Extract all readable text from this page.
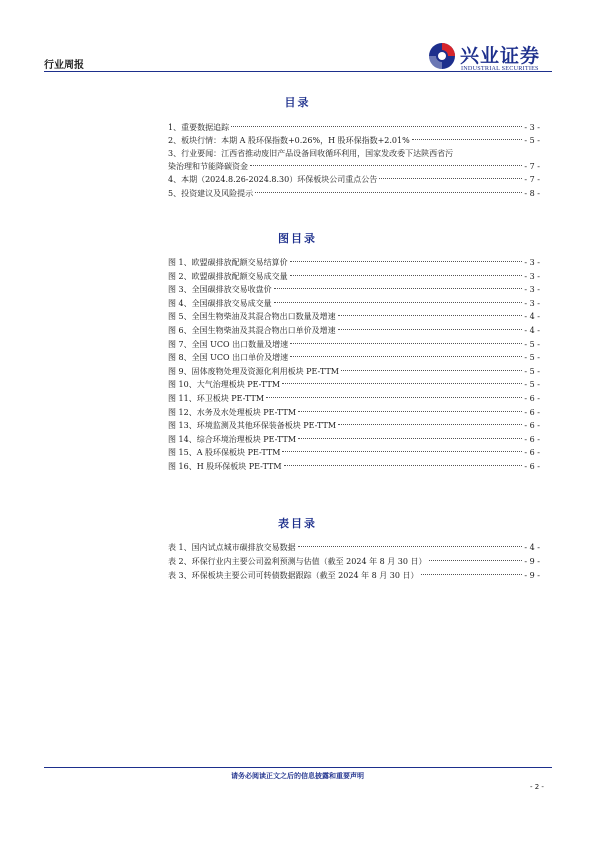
行业周报	兴业证券
INDUSTRIAL SECURITIES
目录
1、重要数据追踪	- 3 -
2、板块行情：本期 A 股环保指数+0.26%，H 股环保指数+2.01%	- 5 -
3、行业要闻：江西省推动废旧产品设备回收循环利用，国家发改委下达陕西省污
染治理和节能降碳资金	- 7 -
4、本期（2024.8.26-2024.8.30）环保板块公司重点公告	- 7 -
5、投资建议及风险提示	- 8 -
图目录
图 1、欧盟碳排放配额交易结算价	- 3 -
图 2、欧盟碳排放配额交易成交量	- 3 -
图 3、全国碳排放交易收盘价	- 3 -
图 4、全国碳排放交易成交量	- 3 -
图 5、全国生物柴油及其混合物出口数量及增速	- 4 -
图 6、全国生物柴油及其混合物出口单价及增速	- 4 -
图 7、全国 UCO 出口数量及增速	- 5 -
图 8、全国 UCO 出口单价及增速	- 5 -
图 9、固体废物处理及资源化利用板块 PE-TTM	- 5 -
图 10、大气治理板块 PE-TTM	- 5 -
图 11、环卫板块 PE-TTM	- 6 -
图 12、水务及水处理板块 PE-TTM	- 6 -
图 13、环境监测及其他环保装备板块 PE-TTM	- 6 -
图 14、综合环境治理板块 PE-TTM	- 6 -
图 15、A 股环保板块 PE-TTM	- 6 -
图 16、H 股环保板块 PE-TTM	- 6 -
表目录
表 1、国内试点城市碳排放交易数据	- 4 -
表 2、环保行业内主要公司盈利预测与估值（截至 2024 年 8 月 30 日）	- 9 -
表 3、环保板块主要公司可转债数据跟踪（截至 2024 年 8 月 30 日）	- 9 -
请务必阅读正文之后的信息披露和重要声明
- 2 -
